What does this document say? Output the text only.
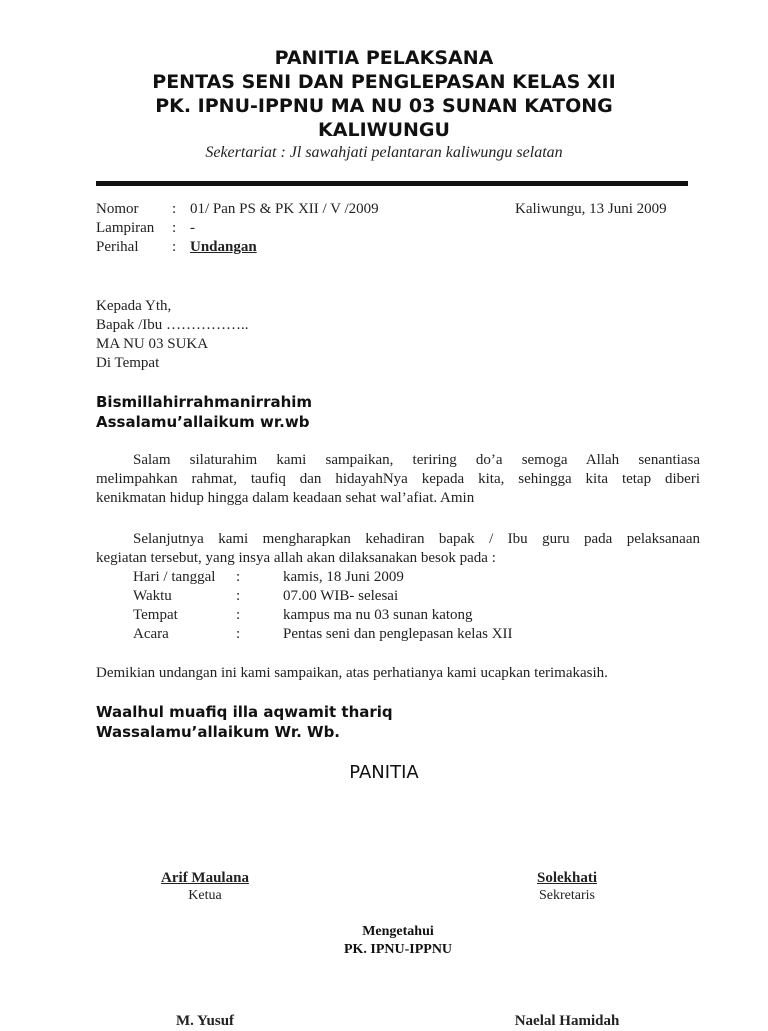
PANITIA PELAKSANA
PENTAS SENI DAN PENGLEPASAN KELAS XII
PK. IPNU-IPPNU MA NU 03 SUNAN KATONG
KALIWUNGU
Sekertariat : Jl sawahjati pelantaran kaliwungu selatan
Nomor : 01/ Pan PS & PK XII / V /2009	Kaliwungu, 13 Juni 2009
Lampiran : -
Perihal : Undangan
Kepada Yth,
Bapak /Ibu ……………..
MA NU 03 SUKA
Di Tempat
Bismillahirrahmanirrahim
Assalamu’allaikum wr.wb
Salam silaturahim kami sampaikan, teriring do’a semoga Allah senantiasa
melimpahkan rahmat, taufiq dan hidayahNya kepada kita, sehingga kita tetap diberi
kenikmatan hidup hingga dalam keadaan sehat wal’afiat. Amin
Selanjutnya kami mengharapkan kehadiran bapak / Ibu guru pada pelaksanaan
kegiatan tersebut, yang insya allah akan dilaksanakan besok pada :
Hari / tanggal :	kamis, 18 Juni 2009
Waktu	:	07.00 WIB- selesai
Tempat	:	kampus ma nu 03 sunan katong
Acara	:	Pentas seni dan penglepasan kelas XII
Demikian undangan ini kami sampaikan, atas perhatianya kami ucapkan terimakasih.
Waalhul muafiq illa aqwamit thariq
Wassalamu’allaikum Wr. Wb.
PANITIA
Arif Maulana
Ketua
Solekhati
Sekretaris
Mengetahui
PK. IPNU-IPPNU
M. Yusuf	Naelal Hamidah
